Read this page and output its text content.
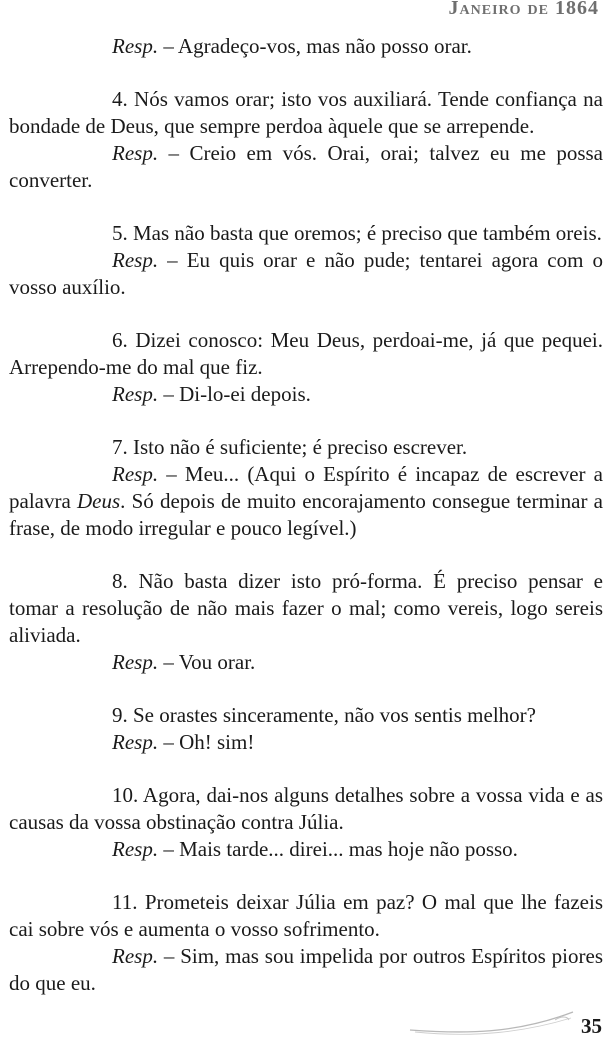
Janeiro de 1864

Resp. – Agradeço-vos, mas não posso orar.

4. Nós vamos orar; isto vos auxiliará. Tende confiança na bondade de Deus, que sempre perdoa àquele que se arrepende.

Resp. – Creio em vós. Orai, orai; talvez eu me possa converter.

5. Mas não basta que oremos; é preciso que também oreis.

Resp. – Eu quis orar e não pude; tentarei agora com o vosso auxílio.

6. Dizei conosco: Meu Deus, perdoai-me, já que pequei. Arrependo-me do mal que fiz.

Resp. – Di-lo-ei depois.

7. Isto não é suficiente; é preciso escrever.

Resp. – Meu... (Aqui o Espírito é incapaz de escrever a palavra Deus. Só depois de muito encorajamento consegue terminar a frase, de modo irregular e pouco legível.)

8. Não basta dizer isto pró-forma. É preciso pensar e tomar a resolução de não mais fazer o mal; como vereis, logo sereis aliviada.

Resp. – Vou orar.

9. Se orastes sinceramente, não vos sentis melhor?

Resp. – Oh! sim!

10. Agora, dai-nos alguns detalhes sobre a vossa vida e as causas da vossa obstinação contra Júlia.

Resp. – Mais tarde... direi... mas hoje não posso.

11. Prometeis deixar Júlia em paz? O mal que lhe fazeis cai sobre vós e aumenta o vosso sofrimento.

Resp. – Sim, mas sou impelida por outros Espíritos piores do que eu.

35
